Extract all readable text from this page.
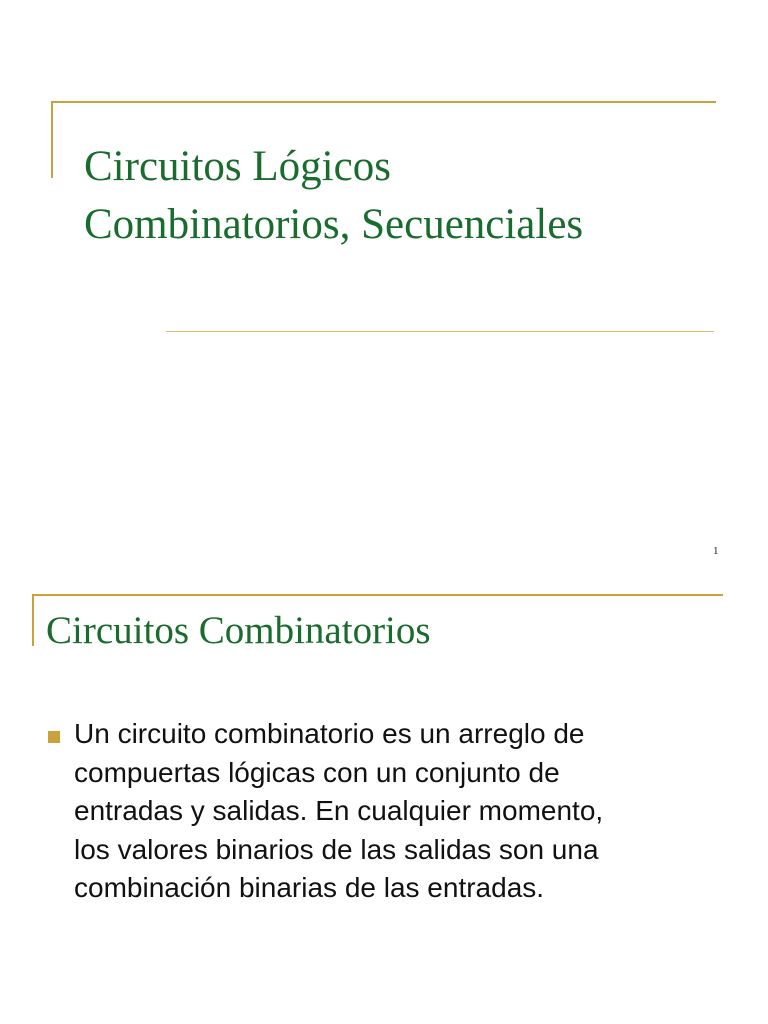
Circuitos Lógicos
Combinatorios, Secuenciales
1
Circuitos Combinatorios
Un circuito combinatorio es un arreglo de
compuertas lógicas con un conjunto de
entradas y salidas. En cualquier momento,
los valores binarios de las salidas son una
combinación binarias de las entradas.
